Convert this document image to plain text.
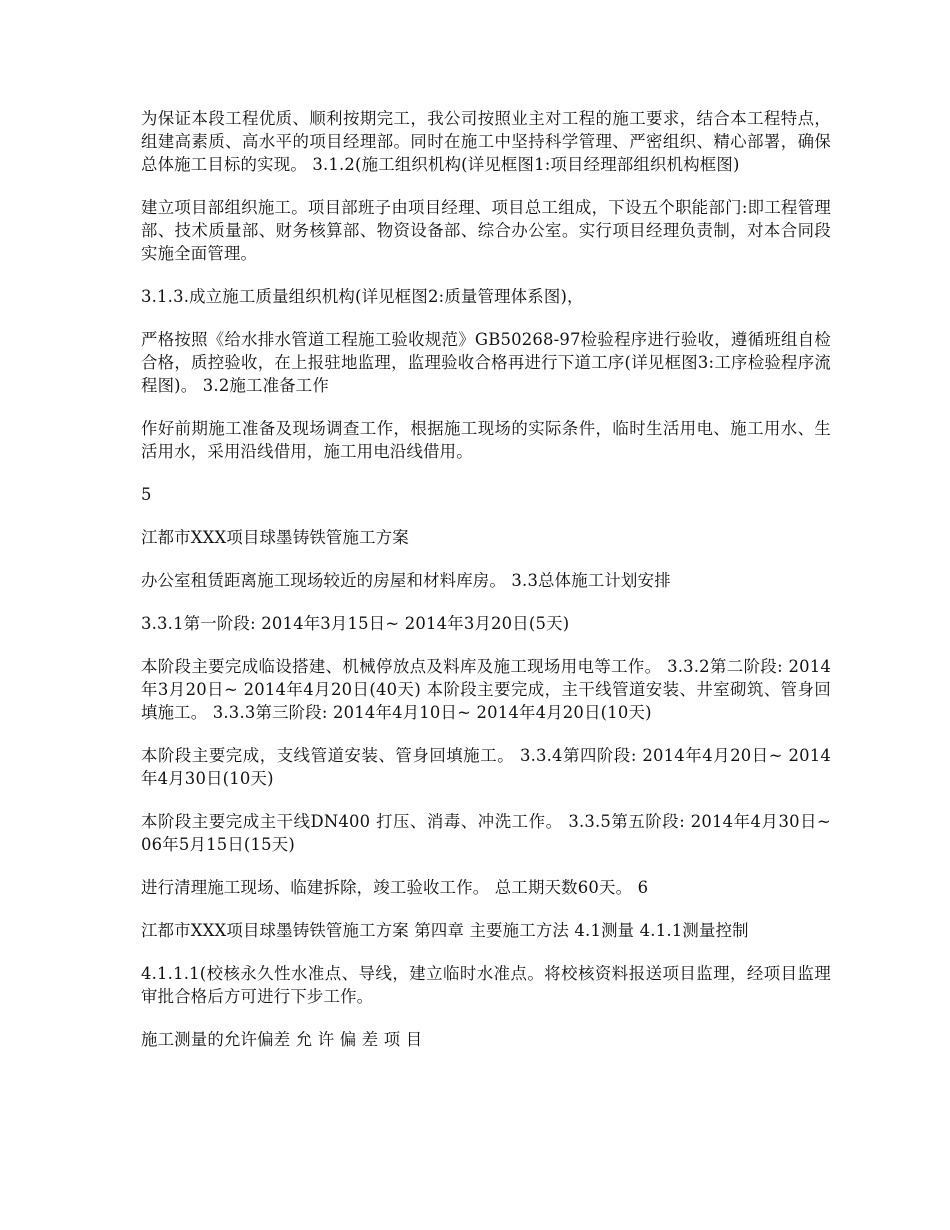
为保证本段工程优质、顺利按期完工，我公司按照业主对工程的施工要求，结合本工程特点，组建高素质、高水平的项目经理部。同时在施工中坚持科学管理、严密组织、精心部署，确保总体施工目标的实现。 3.1.2(施工组织机构(详见框图1:项目经理部组织机构框图)

建立项目部组织施工。项目部班子由项目经理、项目总工组成，下设五个职能部门:即工程管理部、技术质量部、财务核算部、物资设备部、综合办公室。实行项目经理负责制，对本合同段实施全面管理。

3.1.3.成立施工质量组织机构(详见框图2:质量管理体系图)，

严格按照《给水排水管道工程施工验收规范》GB50268-97检验程序进行验收，遵循班组自检合格，质控验收，在上报驻地监理，监理验收合格再进行下道工序(详见框图3:工序检验程序流程图)。 3.2施工准备工作

作好前期施工准备及现场调查工作，根据施工现场的实际条件，临时生活用电、施工用水、生活用水，采用沿线借用，施工用电沿线借用。

5

江都市XXX项目球墨铸铁管施工方案

办公室租赁距离施工现场较近的房屋和材料库房。 3.3总体施工计划安排

3.3.1第一阶段: 2014年3月15日~ 2014年3月20日(5天)

本阶段主要完成临设搭建、机械停放点及料库及施工现场用电等工作。 3.3.2第二阶段: 2014年3月20日~ 2014年4月20日(40天) 本阶段主要完成，主干线管道安装、井室砌筑、管身回填施工。 3.3.3第三阶段: 2014年4月10日~ 2014年4月20日(10天)

本阶段主要完成，支线管道安装、管身回填施工。 3.3.4第四阶段: 2014年4月20日~ 2014年4月30日(10天)

本阶段主要完成主干线DN400 打压、消毒、冲洗工作。 3.3.5第五阶段: 2014年4月30日~ 06年5月15日(15天)

进行清理施工现场、临建拆除，竣工验收工作。 总工期天数60天。 6

江都市XXX项目球墨铸铁管施工方案 第四章 主要施工方法 4.1测量 4.1.1测量控制

4.1.1.1(校核永久性水准点、导线，建立临时水准点。将校核资料报送项目监理，经项目监理审批合格后方可进行下步工作。

施工测量的允许偏差 允 许 偏 差 项 目
